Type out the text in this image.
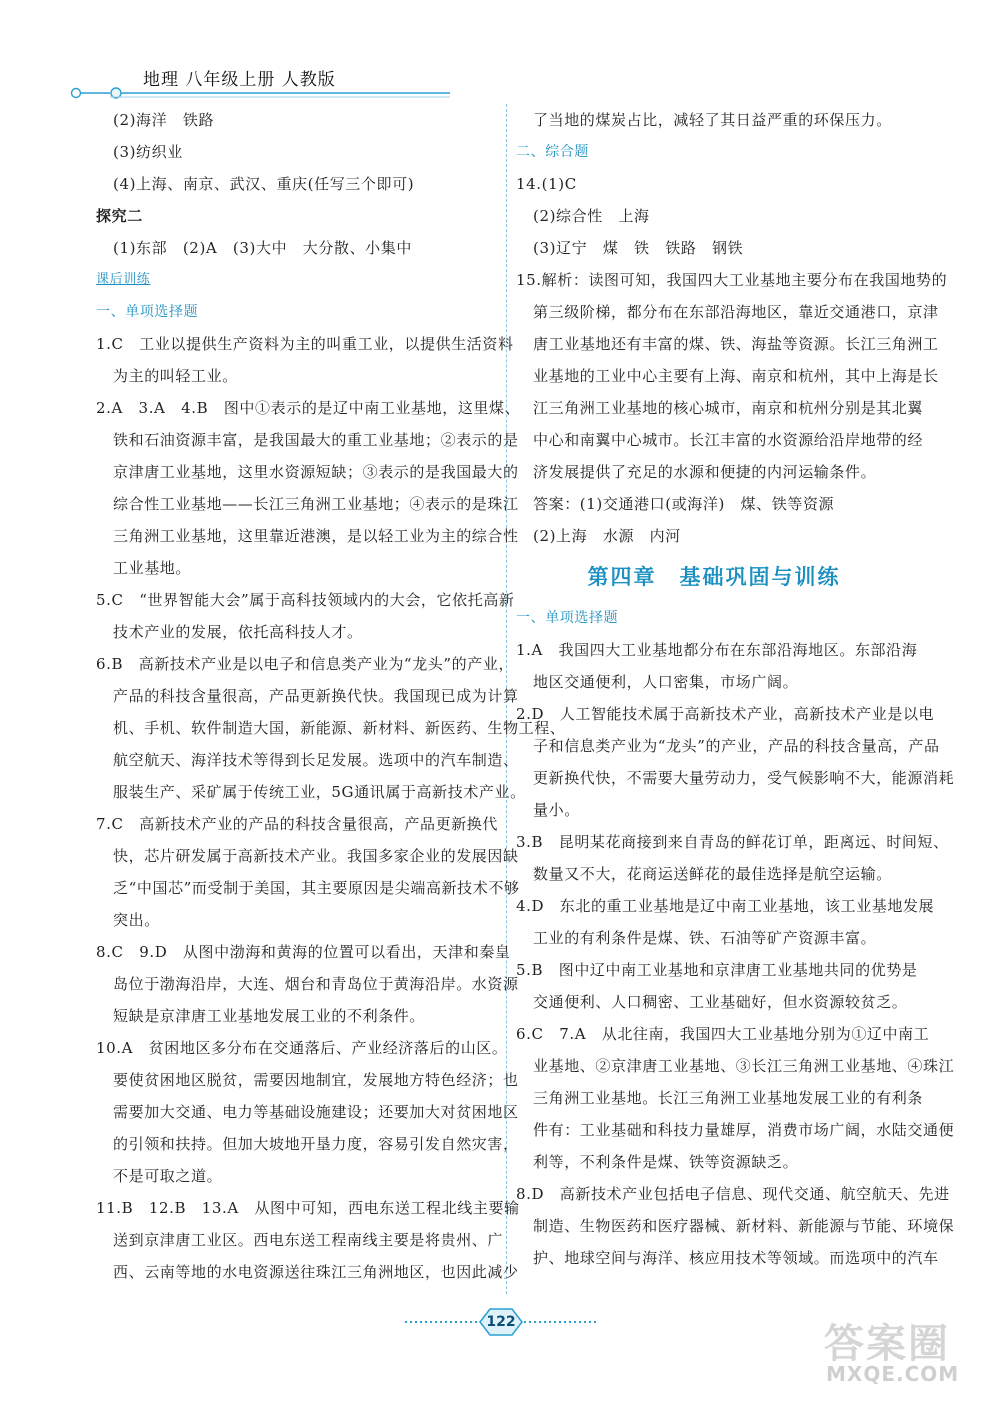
地理 八年级上册 人教版
(2)海洋　铁路
(3)纺织业
(4)上海、南京、武汉、重庆(任写三个即可)
探究二
(1)东部　(2)A　(3)大中　大分散、小集中
课后训练
一、单项选择题
1.C　工业以提供生产资料为主的叫重工业，以提供生活资料
为主的叫轻工业。
2.A　3.A　4.B　图中①表示的是辽中南工业基地，这里煤、
铁和石油资源丰富，是我国最大的重工业基地；②表示的是
京津唐工业基地，这里水资源短缺；③表示的是我国最大的
综合性工业基地——长江三角洲工业基地；④表示的是珠江
三角洲工业基地，这里靠近港澳，是以轻工业为主的综合性
工业基地。
5.C　“世界智能大会”属于高科技领域内的大会，它依托高新
技术产业的发展，依托高科技人才。
6.B　高新技术产业是以电子和信息类产业为“龙头”的产业，
产品的科技含量很高，产品更新换代快。我国现已成为计算
机、手机、软件制造大国，新能源、新材料、新医药、生物工程、
航空航天、海洋技术等得到长足发展。选项中的汽车制造、
服装生产、采矿属于传统工业，5G通讯属于高新技术产业。
7.C　高新技术产业的产品的科技含量很高，产品更新换代
快，芯片研发属于高新技术产业。我国多家企业的发展因缺
乏“中国芯”而受制于美国，其主要原因是尖端高新技术不够
突出。
8.C　9.D　从图中渤海和黄海的位置可以看出，天津和秦皇
岛位于渤海沿岸，大连、烟台和青岛位于黄海沿岸。水资源
短缺是京津唐工业基地发展工业的不利条件。
10.A　贫困地区多分布在交通落后、产业经济落后的山区。
要使贫困地区脱贫，需要因地制宜，发展地方特色经济；也
需要加大交通、电力等基础设施建设；还要加大对贫困地区
的引领和扶持。但加大坡地开垦力度，容易引发自然灾害，
不是可取之道。
11.B　12.B　13.A　从图中可知，西电东送工程北线主要输
送到京津唐工业区。西电东送工程南线主要是将贵州、广
西、云南等地的水电资源送往珠江三角洲地区，也因此减少
了当地的煤炭占比，减轻了其日益严重的环保压力。
二、综合题
14.(1)C
(2)综合性　上海
(3)辽宁　煤　铁　铁路　钢铁
15.解析：读图可知，我国四大工业基地主要分布在我国地势的
第三级阶梯，都分布在东部沿海地区，靠近交通港口，京津
唐工业基地还有丰富的煤、铁、海盐等资源。长江三角洲工
业基地的工业中心主要有上海、南京和杭州，其中上海是长
江三角洲工业基地的核心城市，南京和杭州分别是其北翼
中心和南翼中心城市。长江丰富的水资源给沿岸地带的经
济发展提供了充足的水源和便捷的内河运输条件。
答案：(1)交通港口(或海洋)　煤、铁等资源
(2)上海　水源　内河
第四章　基础巩固与训练
一、单项选择题
1.A　我国四大工业基地都分布在东部沿海地区。东部沿海
地区交通便利，人口密集，市场广阔。
2.D　人工智能技术属于高新技术产业，高新技术产业是以电
子和信息类产业为“龙头”的产业，产品的科技含量高，产品
更新换代快，不需要大量劳动力，受气候影响不大，能源消耗
量小。
3.B　昆明某花商接到来自青岛的鲜花订单，距离远、时间短、
数量又不大，花商运送鲜花的最佳选择是航空运输。
4.D　东北的重工业基地是辽中南工业基地，该工业基地发展
工业的有利条件是煤、铁、石油等矿产资源丰富。
5.B　图中辽中南工业基地和京津唐工业基地共同的优势是
交通便利、人口稠密、工业基础好，但水资源较贫乏。
6.C　7.A　从北往南，我国四大工业基地分别为①辽中南工
业基地、②京津唐工业基地、③长江三角洲工业基地、④珠江
三角洲工业基地。长江三角洲工业基地发展工业的有利条
件有：工业基础和科技力量雄厚，消费市场广阔，水陆交通便
利等，不利条件是煤、铁等资源缺乏。
8.D　高新技术产业包括电子信息、现代交通、航空航天、先进
制造、生物医药和医疗器械、新材料、新能源与节能、环境保
护、地球空间与海洋、核应用技术等领域。而选项中的汽车
122	答案圈
MXQE.COM
